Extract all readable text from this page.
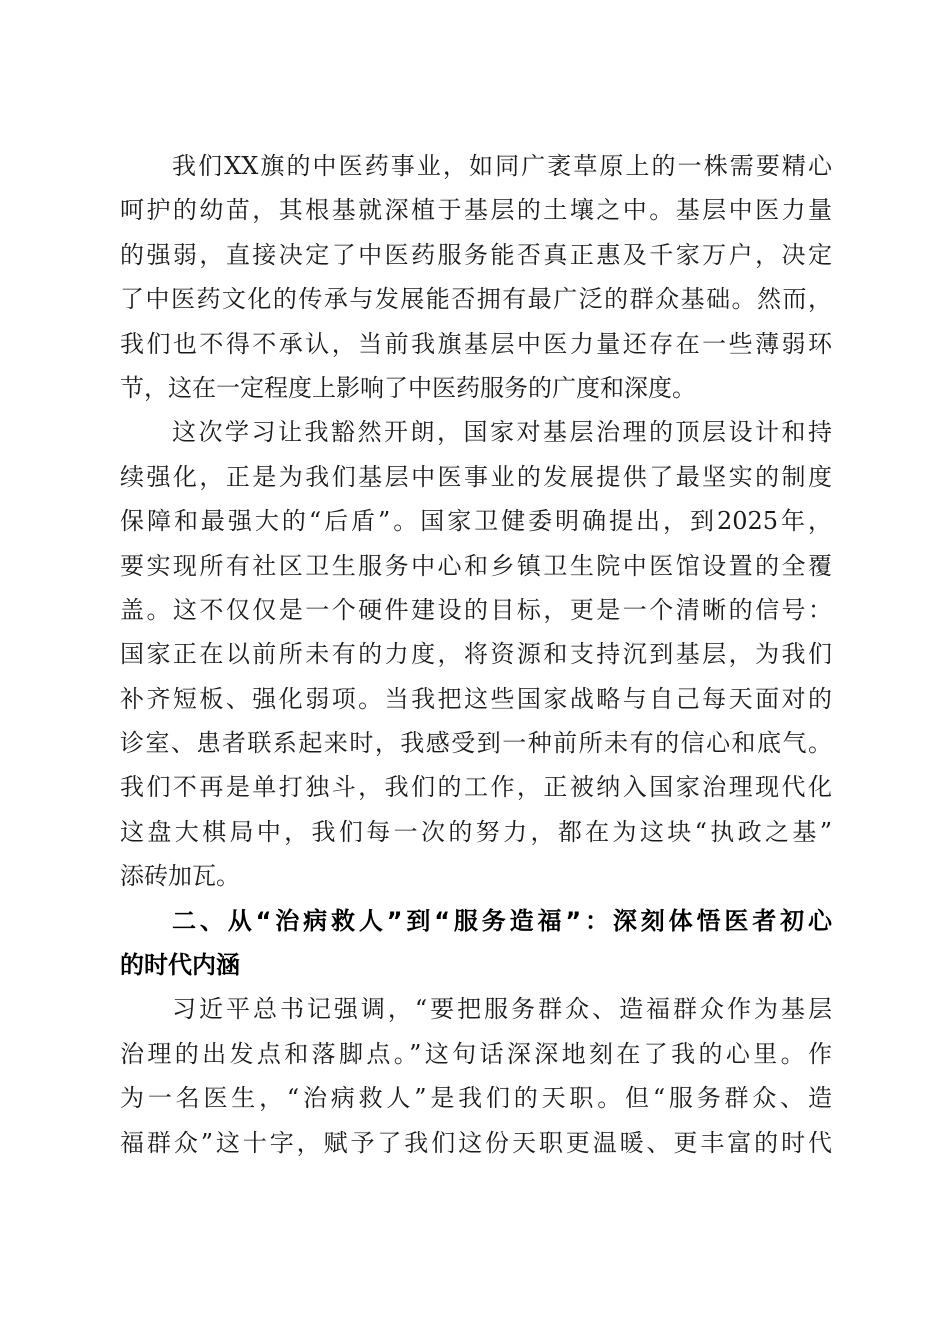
我们XX旗的中医药事业，如同广袤草原上的一株需要精心
呵护的幼苗，其根基就深植于基层的土壤之中。基层中医力量
的强弱，直接决定了中医药服务能否真正惠及千家万户，决定
了中医药文化的传承与发展能否拥有最广泛的群众基础。然而，
我们也不得不承认，当前我旗基层中医力量还存在一些薄弱环
节，这在一定程度上影响了中医药服务的广度和深度。
这次学习让我豁然开朗，国家对基层治理的顶层设计和持
续强化，正是为我们基层中医事业的发展提供了最坚实的制度
保障和最强大的“后盾”。国家卫健委明确提出，到2025年，
要实现所有社区卫生服务中心和乡镇卫生院中医馆设置的全覆
盖。这不仅仅是一个硬件建设的目标，更是一个清晰的信号：
国家正在以前所未有的力度，将资源和支持沉到基层，为我们
补齐短板、强化弱项。当我把这些国家战略与自己每天面对的
诊室、患者联系起来时，我感受到一种前所未有的信心和底气。
我们不再是单打独斗，我们的工作，正被纳入国家治理现代化
这盘大棋局中，我们每一次的努力，都在为这块“执政之基”
添砖加瓦。
二、从“治病救人”到“服务造福”：深刻体悟医者初心
的时代内涵
习近平总书记强调，“要把服务群众、造福群众作为基层
治理的出发点和落脚点。”这句话深深地刻在了我的心里。作
为一名医生，“治病救人”是我们的天职。但“服务群众、造
福群众”这十字，赋予了我们这份天职更温暖、更丰富的时代
